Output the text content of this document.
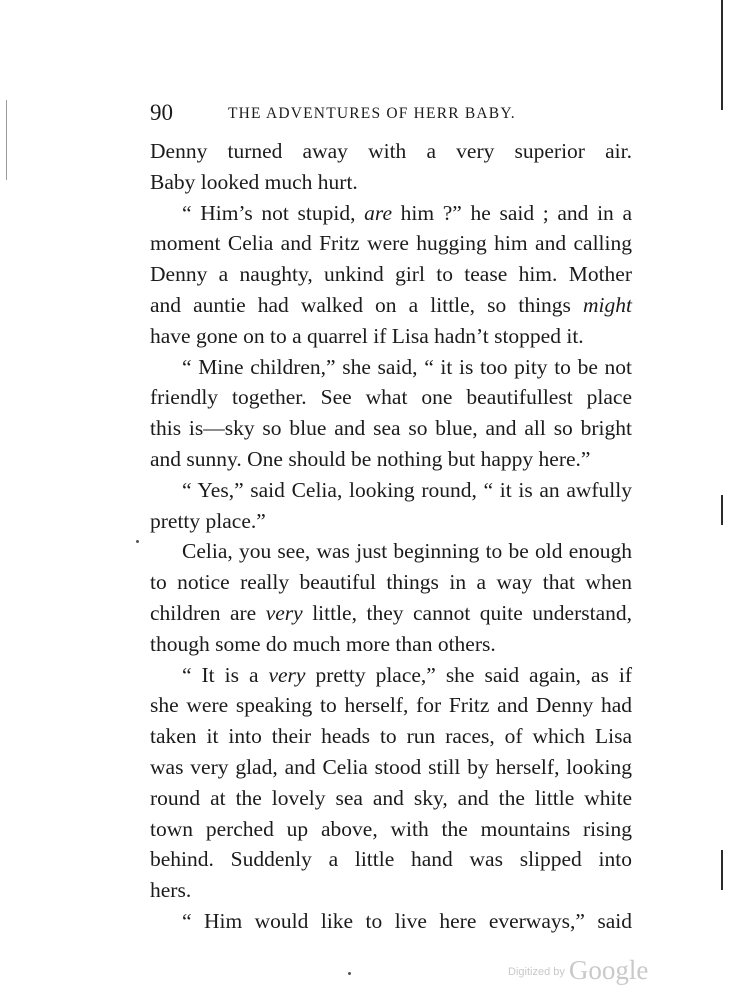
90	THE ADVENTURES OF HERR BABY.
Denny turned away with a very superior air.
Baby looked much hurt.
“ Him’s not stupid, are him ?” he said ; and in a
moment Celia and Fritz were hugging him and calling
Denny a naughty, unkind girl to tease him. Mother
and auntie had walked on a little, so things might
have gone on to a quarrel if Lisa hadn’t stopped it.
“ Mine children,” she said, “ it is too pity to be not
friendly together. See what one beautifullest place
this is—sky so blue and sea so blue, and all so bright
and sunny. One should be nothing but happy here.”
“ Yes,” said Celia, looking round, “ it is an awfully
pretty place.”
Celia, you see, was just beginning to be old enough
to notice really beautiful things in a way that when
children are very little, they cannot quite understand,
though some do much more than others.
“ It is a very pretty place,” she said again, as if
she were speaking to herself, for Fritz and Denny had
taken it into their heads to run races, of which Lisa
was very glad, and Celia stood still by herself, looking
round at the lovely sea and sky, and the little white
town perched up above, with the mountains rising
behind. Suddenly a little hand was slipped into
hers.
“ Him would like to live here everways,” said
$^{Digitized by}$ Google
